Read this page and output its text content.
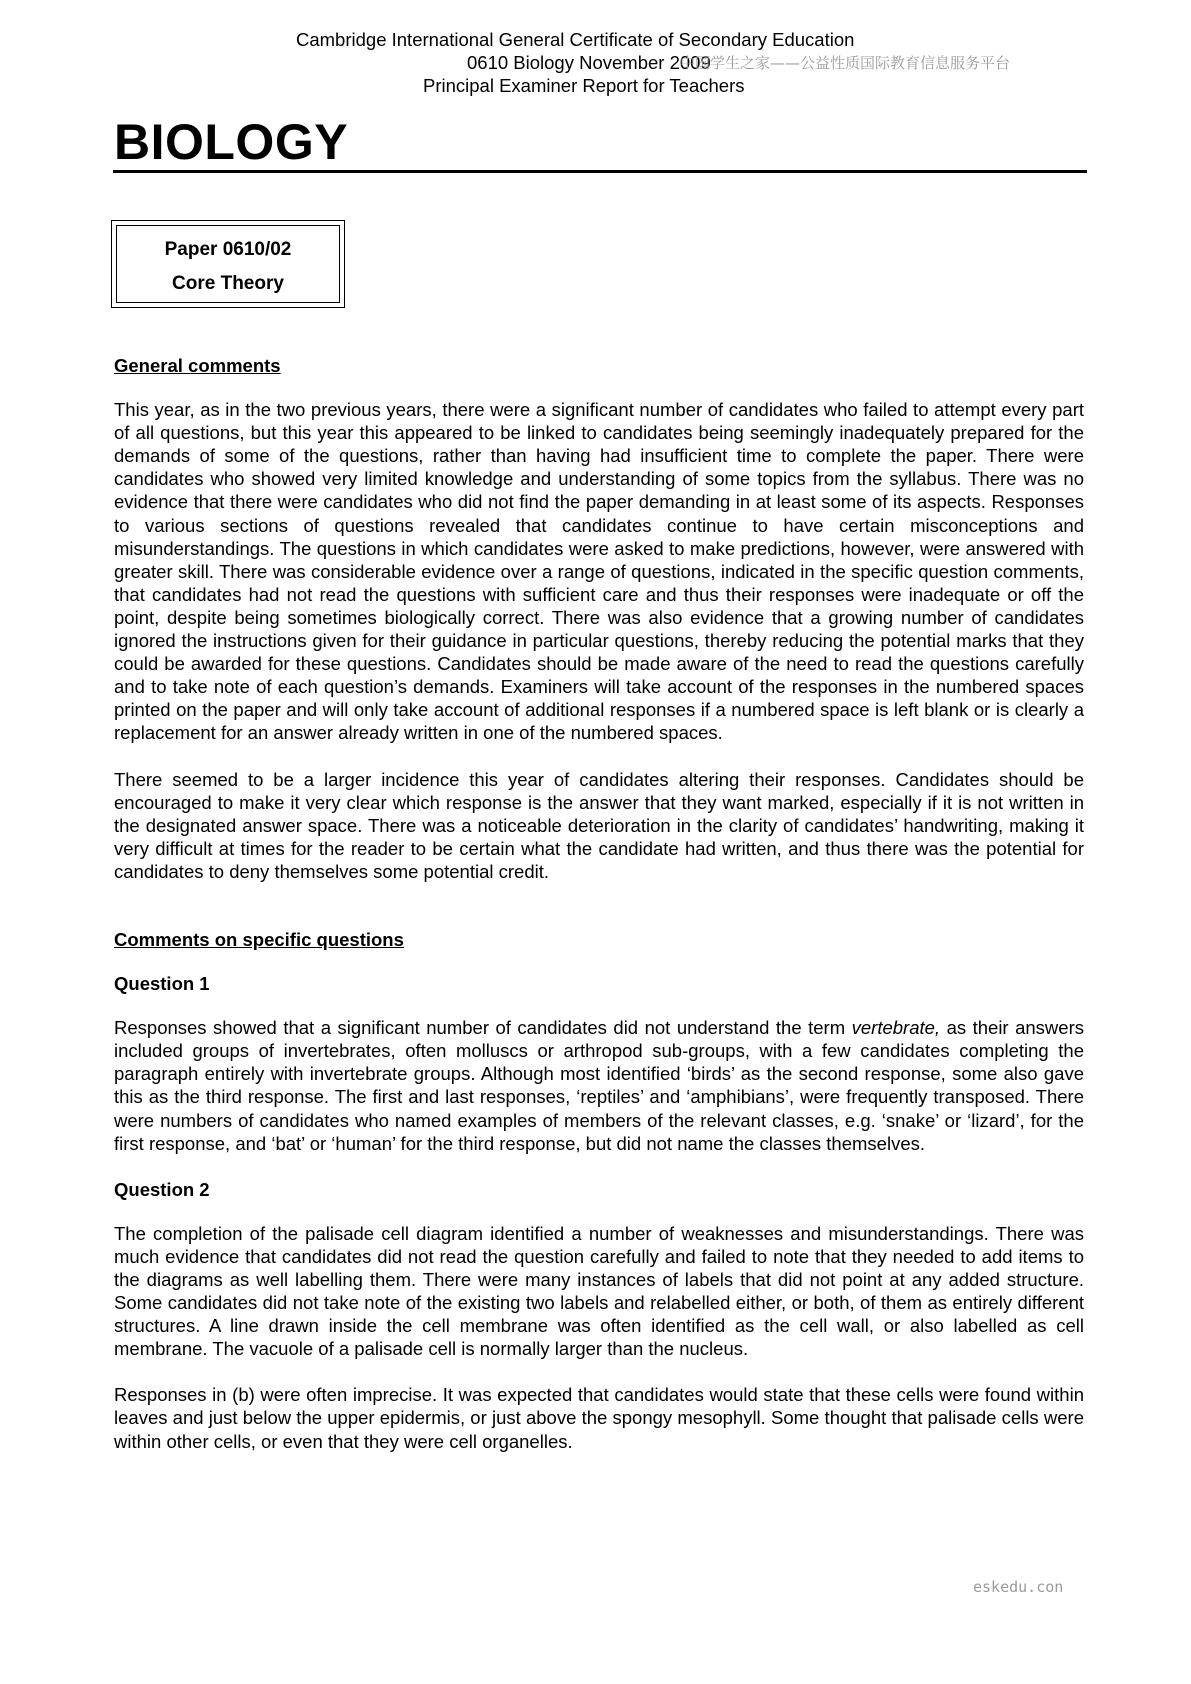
Cambridge International General Certificate of Secondary Education
0610 Biology November 2009
Principal Examiner Report for Teachers
中国学生之家——公益性质国际教育信息服务平台
BIOLOGY
Paper 0610/02
Core Theory

General comments

This year, as in the two previous years, there were a significant number of candidates who failed to attempt every part of all questions, but this year this appeared to be linked to candidates being seemingly inadequately prepared for the demands of some of the questions, rather than having had insufficient time to complete the paper. There were candidates who showed very limited knowledge and understanding of some topics from the syllabus. There was no evidence that there were candidates who did not find the paper demanding in at least some of its aspects. Responses to various sections of questions revealed that candidates continue to have certain misconceptions and misunderstandings. The questions in which candidates were asked to make predictions, however, were answered with greater skill. There was considerable evidence over a range of questions, indicated in the specific question comments, that candidates had not read the questions with sufficient care and thus their responses were inadequate or off the point, despite being sometimes biologically correct. There was also evidence that a growing number of candidates ignored the instructions given for their guidance in particular questions, thereby reducing the potential marks that they could be awarded for these questions. Candidates should be made aware of the need to read the questions carefully and to take note of each question’s demands. Examiners will take account of the responses in the numbered spaces printed on the paper and will only take account of additional responses if a numbered space is left blank or is clearly a replacement for an answer already written in one of the numbered spaces.

There seemed to be a larger incidence this year of candidates altering their responses. Candidates should be encouraged to make it very clear which response is the answer that they want marked, especially if it is not written in the designated answer space. There was a noticeable deterioration in the clarity of candidates’ handwriting, making it very difficult at times for the reader to be certain what the candidate had written, and thus there was the potential for candidates to deny themselves some potential credit.

Comments on specific questions

Question 1

Responses showed that a significant number of candidates did not understand the term vertebrate, as their answers included groups of invertebrates, often molluscs or arthropod sub-groups, with a few candidates completing the paragraph entirely with invertebrate groups. Although most identified ‘birds’ as the second response, some also gave this as the third response. The first and last responses, ‘reptiles’ and ‘amphibians’, were frequently transposed. There were numbers of candidates who named examples of members of the relevant classes, e.g. ‘snake’ or ‘lizard’, for the first response, and ‘bat’ or ‘human’ for the third response, but did not name the classes themselves.

Question 2

The completion of the palisade cell diagram identified a number of weaknesses and misunderstandings. There was much evidence that candidates did not read the question carefully and failed to note that they needed to add items to the diagrams as well labelling them. There were many instances of labels that did not point at any added structure. Some candidates did not take note of the existing two labels and relabelled either, or both, of them as entirely different structures. A line drawn inside the cell membrane was often identified as the cell wall, or also labelled as cell membrane. The vacuole of a palisade cell is normally larger than the nucleus.

Responses in (b) were often imprecise. It was expected that candidates would state that these cells were found within leaves and just below the upper epidermis, or just above the spongy mesophyll. Some thought that palisade cells were within other cells, or even that they were cell organelles.

eskedu.con
